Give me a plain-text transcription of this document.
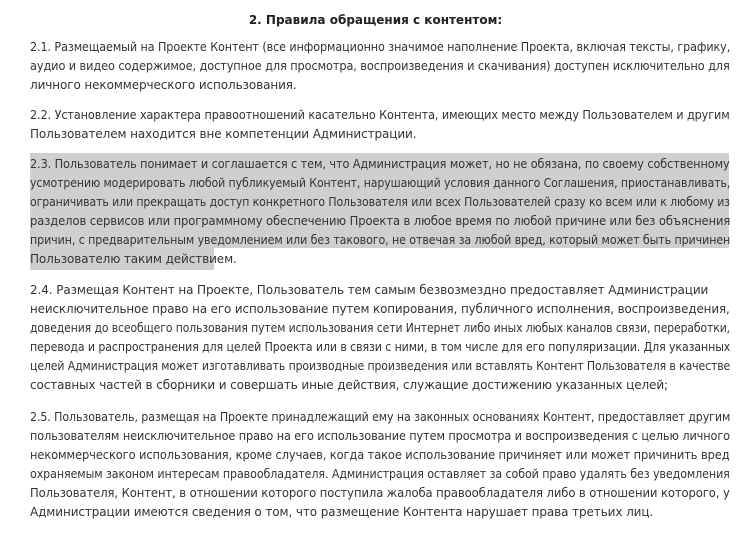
2. Правила обращения с контентом:
2.1. Размещаемый на Проекте Контент (все информационно значимое наполнение Проекта, включая тексты, графику,
аудио и видео содержимое, доступное для просмотра, воспроизведения и скачивания) доступен исключительно для
личного некоммерческого использования.
2.2. Установление характера правоотношений касательно Контента, имеющих место между Пользователем и другим
Пользователем находится вне компетенции Администрации.
2.3. Пользователь понимает и соглашается с тем, что Администрация может, но не обязана, по своему собственному
усмотрению модерировать любой публикуемый Контент, нарушающий условия данного Соглашения, приостанавливать,
ограничивать или прекращать доступ конкретного Пользователя или всех Пользователей сразу ко всем или к любому из
разделов сервисов или программному обеспечению Проекта в любое время по любой причине или без объяснения
причин, с предварительным уведомлением или без такового, не отвечая за любой вред, который может быть причинен
Пользователю таким действием.
2.4. Размещая Контент на Проекте, Пользователь тем самым безвозмездно предоставляет Администрации
неисключительное право на его использование путем копирования, публичного исполнения, воспроизведения,
доведения до всеобщего пользования путем использования сети Интернет либо иных любых каналов связи, переработки,
перевода и распространения для целей Проекта или в связи с ними, в том числе для его популяризации. Для указанных
целей Администрация может изготавливать производные произведения или вставлять Контент Пользователя в качестве
составных частей в сборники и совершать иные действия, служащие достижению указанных целей;
2.5. Пользователь, размещая на Проекте принадлежащий ему на законных основаниях Контент, предоставляет другим
пользователям неисключительное право на его использование путем просмотра и воспроизведения с целью личного
некоммерческого использования, кроме случаев, когда такое использование причиняет или может причинить вред
охраняемым законом интересам правообладателя. Администрация оставляет за собой право удалять без уведомления
Пользователя, Контент, в отношении которого поступила жалоба правообладателя либо в отношении которого, у
Администрации имеются сведения о том, что размещение Контента нарушает права третьих лиц.
